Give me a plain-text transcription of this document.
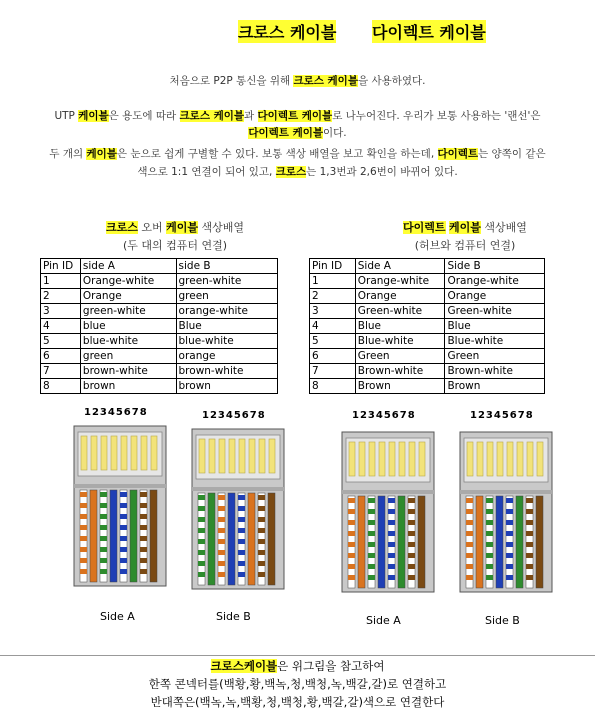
크로스 케이블 다이렉트 케이블
처음으로 P2P 통신을 위해 크로스 케이블을 사용하였다.
UTP 케이블은 용도에 따라 크로스 케이블과 다이렉트 케이블로 나누어진다. 우리가 보통 사용하는 '랜선'은
다이렉트 케이블이다.
두 개의 케이블은 눈으로 쉽게 구별할 수 있다. 보통 색상 배열을 보고 확인을 하는데, 다이렉트는 양쪽이 같은
색으로 1:1 연결이 되어 있고, 크로스는 1,3번과 2,6번이 바뀌어 있다.
크로스 오버 케이블 색상배열
(두 대의 컴퓨터 연결)
다이렉트 케이블 색상배열
(허브와 컴퓨터 연결)
Pin ID	side A	side B
1	Orange-white	green-white
2	Orange	green
3	green-white	orange-white
4	blue	Blue
5	blue-white	blue-white
6	green	orange
7	brown-white	brown-white
8	brown	brown
Pin ID	Side A	Side B
1	Orange-white	Orange-white
2	Orange	Orange
3	Green-white	Green-white
4	Blue	Blue
5	Blue-white	Blue-white
6	Green	Green
7	Brown-white	Brown-white
8	Brown	Brown
12345678	12345678	12345678	12345678
Side A	Side B	Side A	Side B
크로스케이블은 위그림을 참고하여
한쪽 콘넥터를(백황,황,백녹,청,백청,녹,백갈,갈)로 연결하고
반대쪽은(백녹,녹,백황,청,백청,황,백갈,갈)색으로 연결한다
